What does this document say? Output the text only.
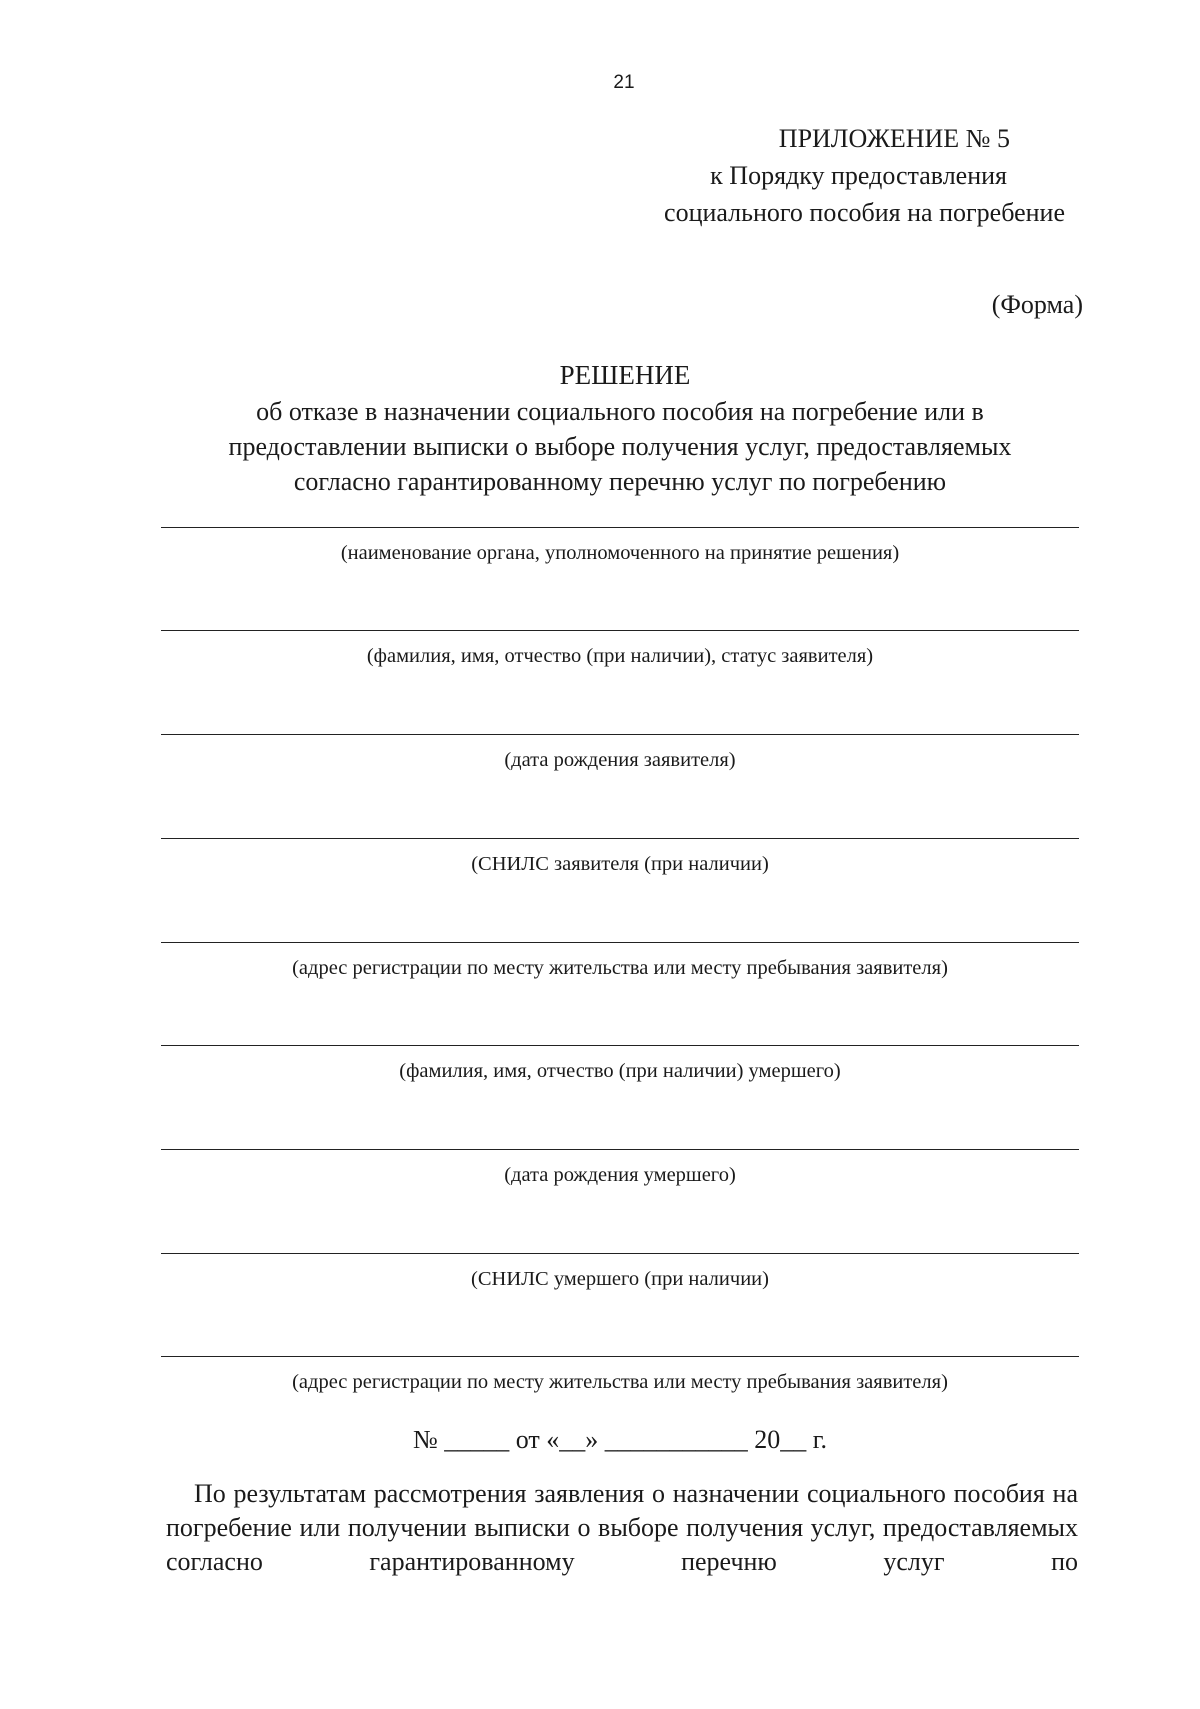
21
ПРИЛОЖЕНИЕ № 5
к Порядку предоставления
социального пособия на погребение
(Форма)
РЕШЕНИЕ
об отказе в назначении социального пособия на погребение или в
предоставлении выписки о выборе получения услуг, предоставляемых
согласно гарантированному перечню услуг по погребению
(наименование органа, уполномоченного на принятие решения)
(фамилия, имя, отчество (при наличии), статус заявителя)
(дата рождения заявителя)
(СНИЛС заявителя (при наличии)
(адрес регистрации по месту жительства или месту пребывания заявителя)
(фамилия, имя, отчество (при наличии) умершего)
(дата рождения умершего)
(СНИЛС умершего (при наличии)
(адрес регистрации по месту жительства или месту пребывания заявителя)
№ _____ от «__» ___________ 20__ г.
По результатам рассмотрения заявления о назначении социального пособия на погребение или получении выписки о выборе получения услуг, предоставляемых согласно гарантированному перечню услуг по
